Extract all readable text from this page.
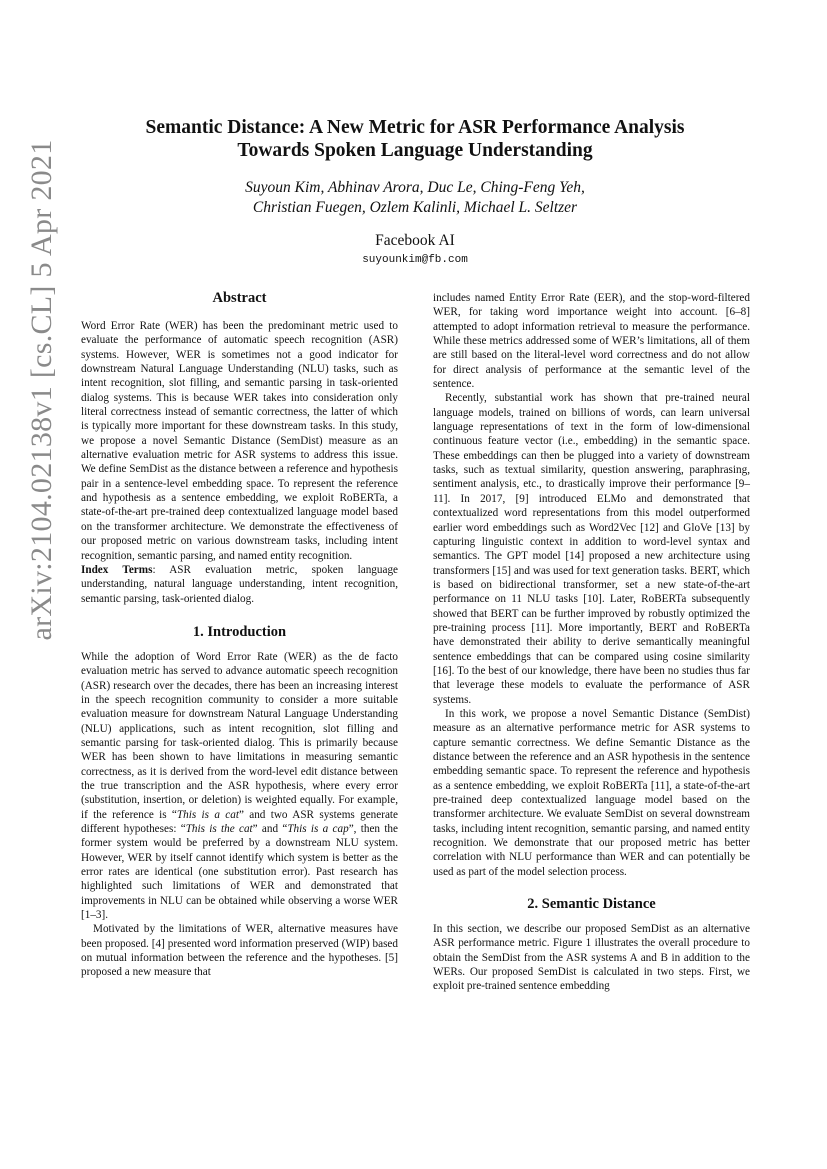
arXiv:2104.02138v1 [cs.CL] 5 Apr 2021
Semantic Distance: A New Metric for ASR Performance Analysis
Towards Spoken Language Understanding
Suyoun Kim, Abhinav Arora, Duc Le, Ching-Feng Yeh,
Christian Fuegen, Ozlem Kalinli, Michael L. Seltzer
Facebook AI
suyounkim@fb.com
Abstract

Word Error Rate (WER) has been the predominant metric used to evaluate the performance of automatic speech recognition (ASR) systems. However, WER is sometimes not a good indicator for downstream Natural Language Understanding (NLU) tasks, such as intent recognition, slot filling, and semantic parsing in task-oriented dialog systems. This is because WER takes into consideration only literal correctness instead of semantic correctness, the latter of which is typically more important for these downstream tasks. In this study, we propose a novel Semantic Distance (SemDist) measure as an alternative evaluation metric for ASR systems to address this issue. We define SemDist as the distance between a reference and hypothesis pair in a sentence-level embedding space. To represent the reference and hypothesis as a sentence embedding, we exploit RoBERTa, a state-of-the-art pre-trained deep contextualized language model based on the transformer architecture. We demonstrate the effectiveness of our proposed metric on various downstream tasks, including intent recognition, semantic parsing, and named entity recognition.

Index Terms: ASR evaluation metric, spoken language understanding, natural language understanding, intent recognition, semantic parsing, task-oriented dialog.

1. Introduction

While the adoption of Word Error Rate (WER) as the de facto evaluation metric has served to advance automatic speech recognition (ASR) research over the decades, there has been an increasing interest in the speech recognition community to consider a more suitable evaluation measure for downstream Natural Language Understanding (NLU) applications, such as intent recognition, slot filling and semantic parsing for task-oriented dialog. This is primarily because WER has been shown to have limitations in measuring semantic correctness, as it is derived from the word-level edit distance between the true transcription and the ASR hypothesis, where every error (substitution, insertion, or deletion) is weighted equally. For example, if the reference is “This is a cat” and two ASR systems generate different hypotheses: “This is the cat” and “This is a cap”, then the former system would be preferred by a downstream NLU system. However, WER by itself cannot identify which system is better as the error rates are identical (one substitution error). Past research has highlighted such limitations of WER and demonstrated that improvements in NLU can be obtained while observing a worse WER [1–3].

Motivated by the limitations of WER, alternative measures have been proposed. [4] presented word information preserved (WIP) based on mutual information between the reference and the hypotheses. [5] proposed a new measure that

includes named Entity Error Rate (EER), and the stop-word-filtered WER, for taking word importance weight into account. [6–8] attempted to adopt information retrieval to measure the performance. While these metrics addressed some of WER’s limitations, all of them are still based on the literal-level word correctness and do not allow for direct analysis of performance at the semantic level of the sentence.

Recently, substantial work has shown that pre-trained neural language models, trained on billions of words, can learn universal language representations of text in the form of low-dimensional continuous feature vector (i.e., embedding) in the semantic space. These embeddings can then be plugged into a variety of downstream tasks, such as textual similarity, question answering, paraphrasing, sentiment analysis, etc., to drastically improve their performance [9–11]. In 2017, [9] introduced ELMo and demonstrated that contextualized word representations from this model outperformed earlier word embeddings such as Word2Vec [12] and GloVe [13] by capturing linguistic context in addition to word-level syntax and semantics. The GPT model [14] proposed a new architecture using transformers [15] and was used for text generation tasks. BERT, which is based on bidirectional transformer, set a new state-of-the-art performance on 11 NLU tasks [10]. Later, RoBERTa subsequently showed that BERT can be further improved by robustly optimized the pre-training process [11]. More importantly, BERT and RoBERTa have demonstrated their ability to derive semantically meaningful sentence embeddings that can be compared using cosine similarity [16]. To the best of our knowledge, there have been no studies thus far that leverage these models to evaluate the performance of ASR systems.

In this work, we propose a novel Semantic Distance (SemDist) measure as an alternative performance metric for ASR systems to capture semantic correctness. We define Semantic Distance as the distance between the reference and an ASR hypothesis in the sentence embedding semantic space. To represent the reference and hypothesis as a sentence embedding, we exploit RoBERTa [11], a state-of-the-art pre-trained deep contextualized language model based on the transformer architecture. We evaluate SemDist on several downstream tasks, including intent recognition, semantic parsing, and named entity recognition. We demonstrate that our proposed metric has better correlation with NLU performance than WER and can potentially be used as part of the model selection process.

2. Semantic Distance

In this section, we describe our proposed SemDist as an alternative ASR performance metric. Figure 1 illustrates the overall procedure to obtain the SemDist from the ASR systems A and B in addition to the WERs. Our proposed SemDist is calculated in two steps. First, we exploit pre-trained sentence embedding
